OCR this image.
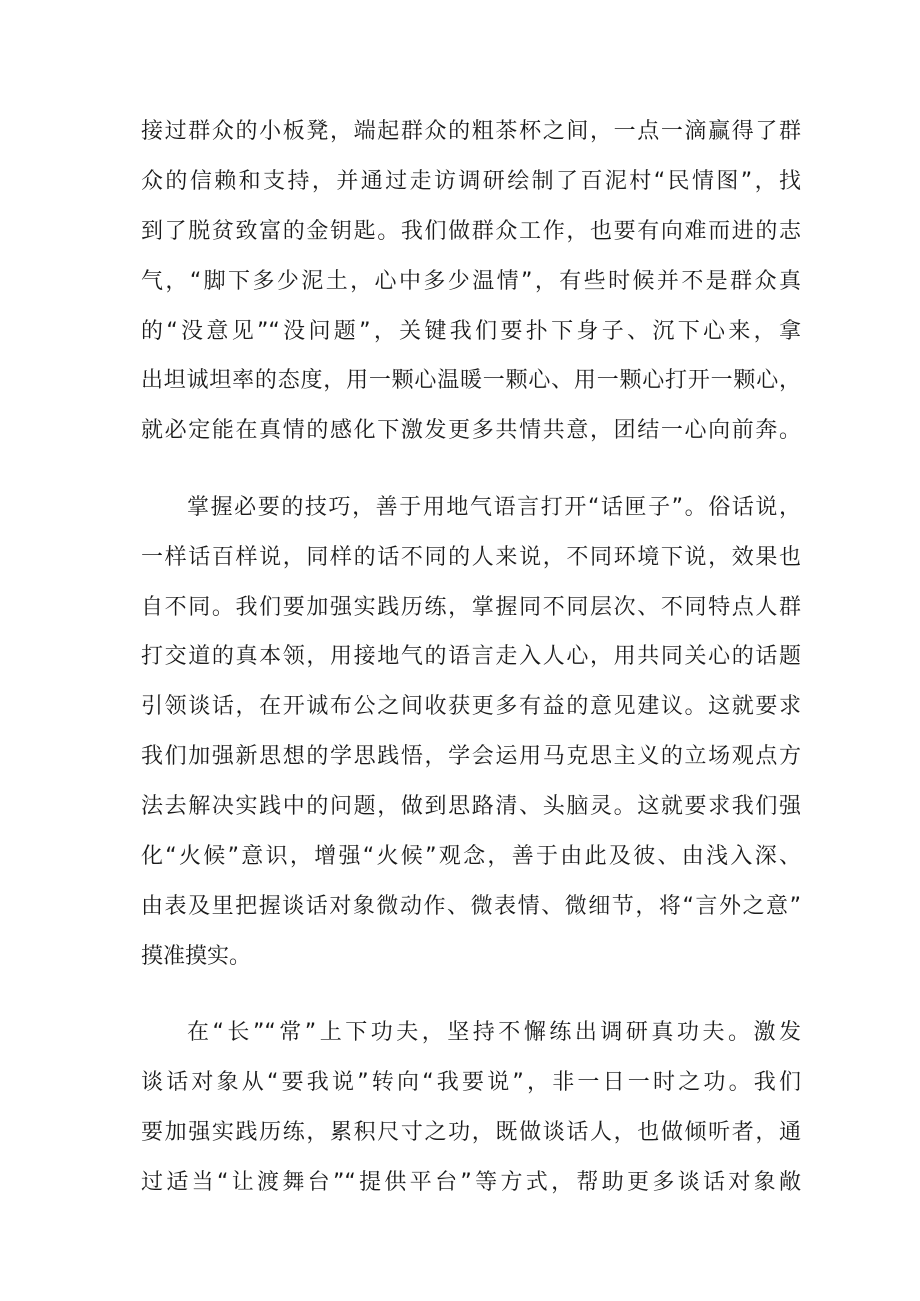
接过群众的小板凳，端起群众的粗茶杯之间，一点一滴赢得了群
众的信赖和支持，并通过走访调研绘制了百泥村“民情图”，找
到了脱贫致富的金钥匙。我们做群众工作，也要有向难而进的志
气，“脚下多少泥土，心中多少温情”，有些时候并不是群众真
的“没意见”“没问题”，关键我们要扑下身子、沉下心来，拿
出坦诚坦率的态度，用一颗心温暖一颗心、用一颗心打开一颗心，
就必定能在真情的感化下激发更多共情共意，团结一心向前奔。
掌握必要的技巧，善于用地气语言打开“话匣子”。俗话说，
一样话百样说，同样的话不同的人来说，不同环境下说，效果也
自不同。我们要加强实践历练，掌握同不同层次、不同特点人群
打交道的真本领，用接地气的语言走入人心，用共同关心的话题
引领谈话，在开诚布公之间收获更多有益的意见建议。这就要求
我们加强新思想的学思践悟，学会运用马克思主义的立场观点方
法去解决实践中的问题，做到思路清、头脑灵。这就要求我们强
化“火候”意识，增强“火候”观念，善于由此及彼、由浅入深、
由表及里把握谈话对象微动作、微表情、微细节，将“言外之意”
摸准摸实。
在“长”“常”上下功夫，坚持不懈练出调研真功夫。激发
谈话对象从“要我说”转向“我要说”，非一日一时之功。我们
要加强实践历练，累积尺寸之功，既做谈话人，也做倾听者，通
过适当“让渡舞台”“提供平台”等方式，帮助更多谈话对象敞
